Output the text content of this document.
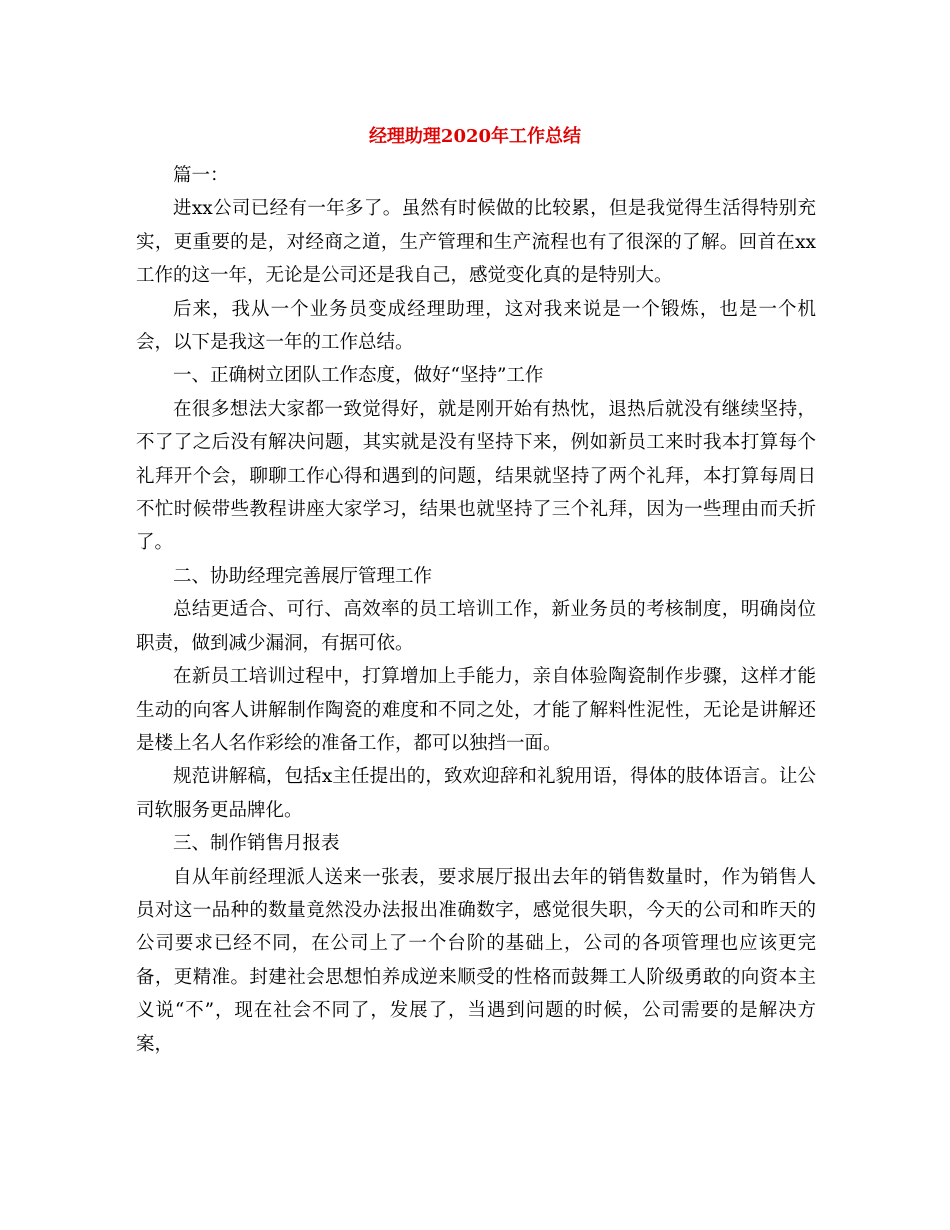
经理助理2020年工作总结

篇一：

进xx公司已经有一年多了。虽然有时候做的比较累，但是我觉得生活得特别充实，更重要的是，对经商之道，生产管理和生产流程也有了很深的了解。回首在xx工作的这一年，无论是公司还是我自己，感觉变化真的是特别大。

后来，我从一个业务员变成经理助理，这对我来说是一个锻炼，也是一个机会，以下是我这一年的工作总结。

一、正确树立团队工作态度，做好“坚持”工作

在很多想法大家都一致觉得好，就是刚开始有热忱，退热后就没有继续坚持，不了了之后没有解决问题，其实就是没有坚持下来，例如新员工来时我本打算每个礼拜开个会，聊聊工作心得和遇到的问题，结果就坚持了两个礼拜，本打算每周日不忙时候带些教程讲座大家学习，结果也就坚持了三个礼拜，因为一些理由而夭折了。

二、协助经理完善展厅管理工作

总结更适合、可行、高效率的员工培训工作，新业务员的考核制度，明确岗位职责，做到减少漏洞，有据可依。

在新员工培训过程中，打算增加上手能力，亲自体验陶瓷制作步骤，这样才能生动的向客人讲解制作陶瓷的难度和不同之处，才能了解料性泥性，无论是讲解还是楼上名人名作彩绘的准备工作，都可以独挡一面。

规范讲解稿，包括x主任提出的，致欢迎辞和礼貌用语，得体的肢体语言。让公司软服务更品牌化。

三、制作销售月报表

自从年前经理派人送来一张表，要求展厅报出去年的销售数量时，作为销售人员对这一品种的数量竟然没办法报出准确数字，感觉很失职，今天的公司和昨天的公司要求已经不同，在公司上了一个台阶的基础上，公司的各项管理也应该更完备，更精准。封建社会思想怕养成逆来顺受的性格而鼓舞工人阶级勇敢的向资本主义说“不”，现在社会不同了，发展了，当遇到问题的时候，公司需要的是解决方案，
